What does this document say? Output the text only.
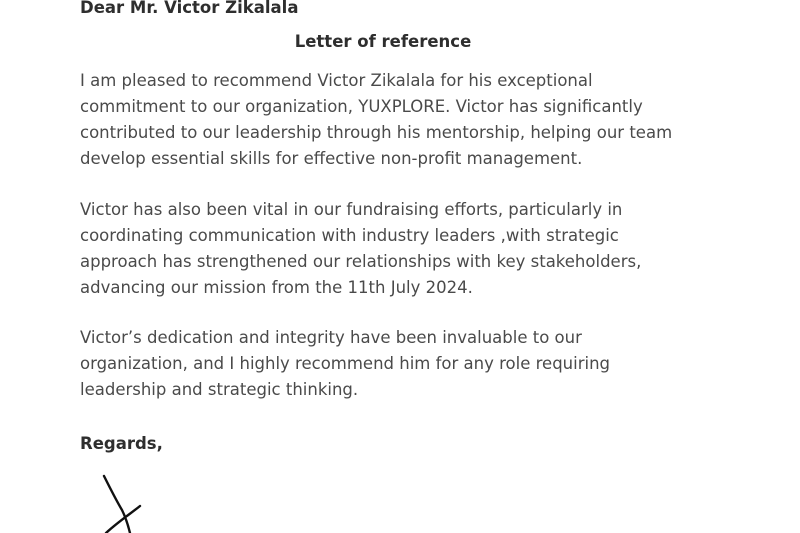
Dear Mr. Victor Zikalala

Letter of reference

I am pleased to recommend Victor Zikalala for his exceptional
commitment to our organization, YUXPLORE. Victor has significantly
contributed to our leadership through his mentorship, helping our team
develop essential skills for effective non-profit management.

Victor has also been vital in our fundraising efforts, particularly in
coordinating communication with industry leaders ,with strategic
approach has strengthened our relationships with key stakeholders,
advancing our mission from the 11th July 2024.

Victor’s dedication and integrity have been invaluable to our
organization, and I highly recommend him for any role requiring
leadership and strategic thinking.

Regards,
